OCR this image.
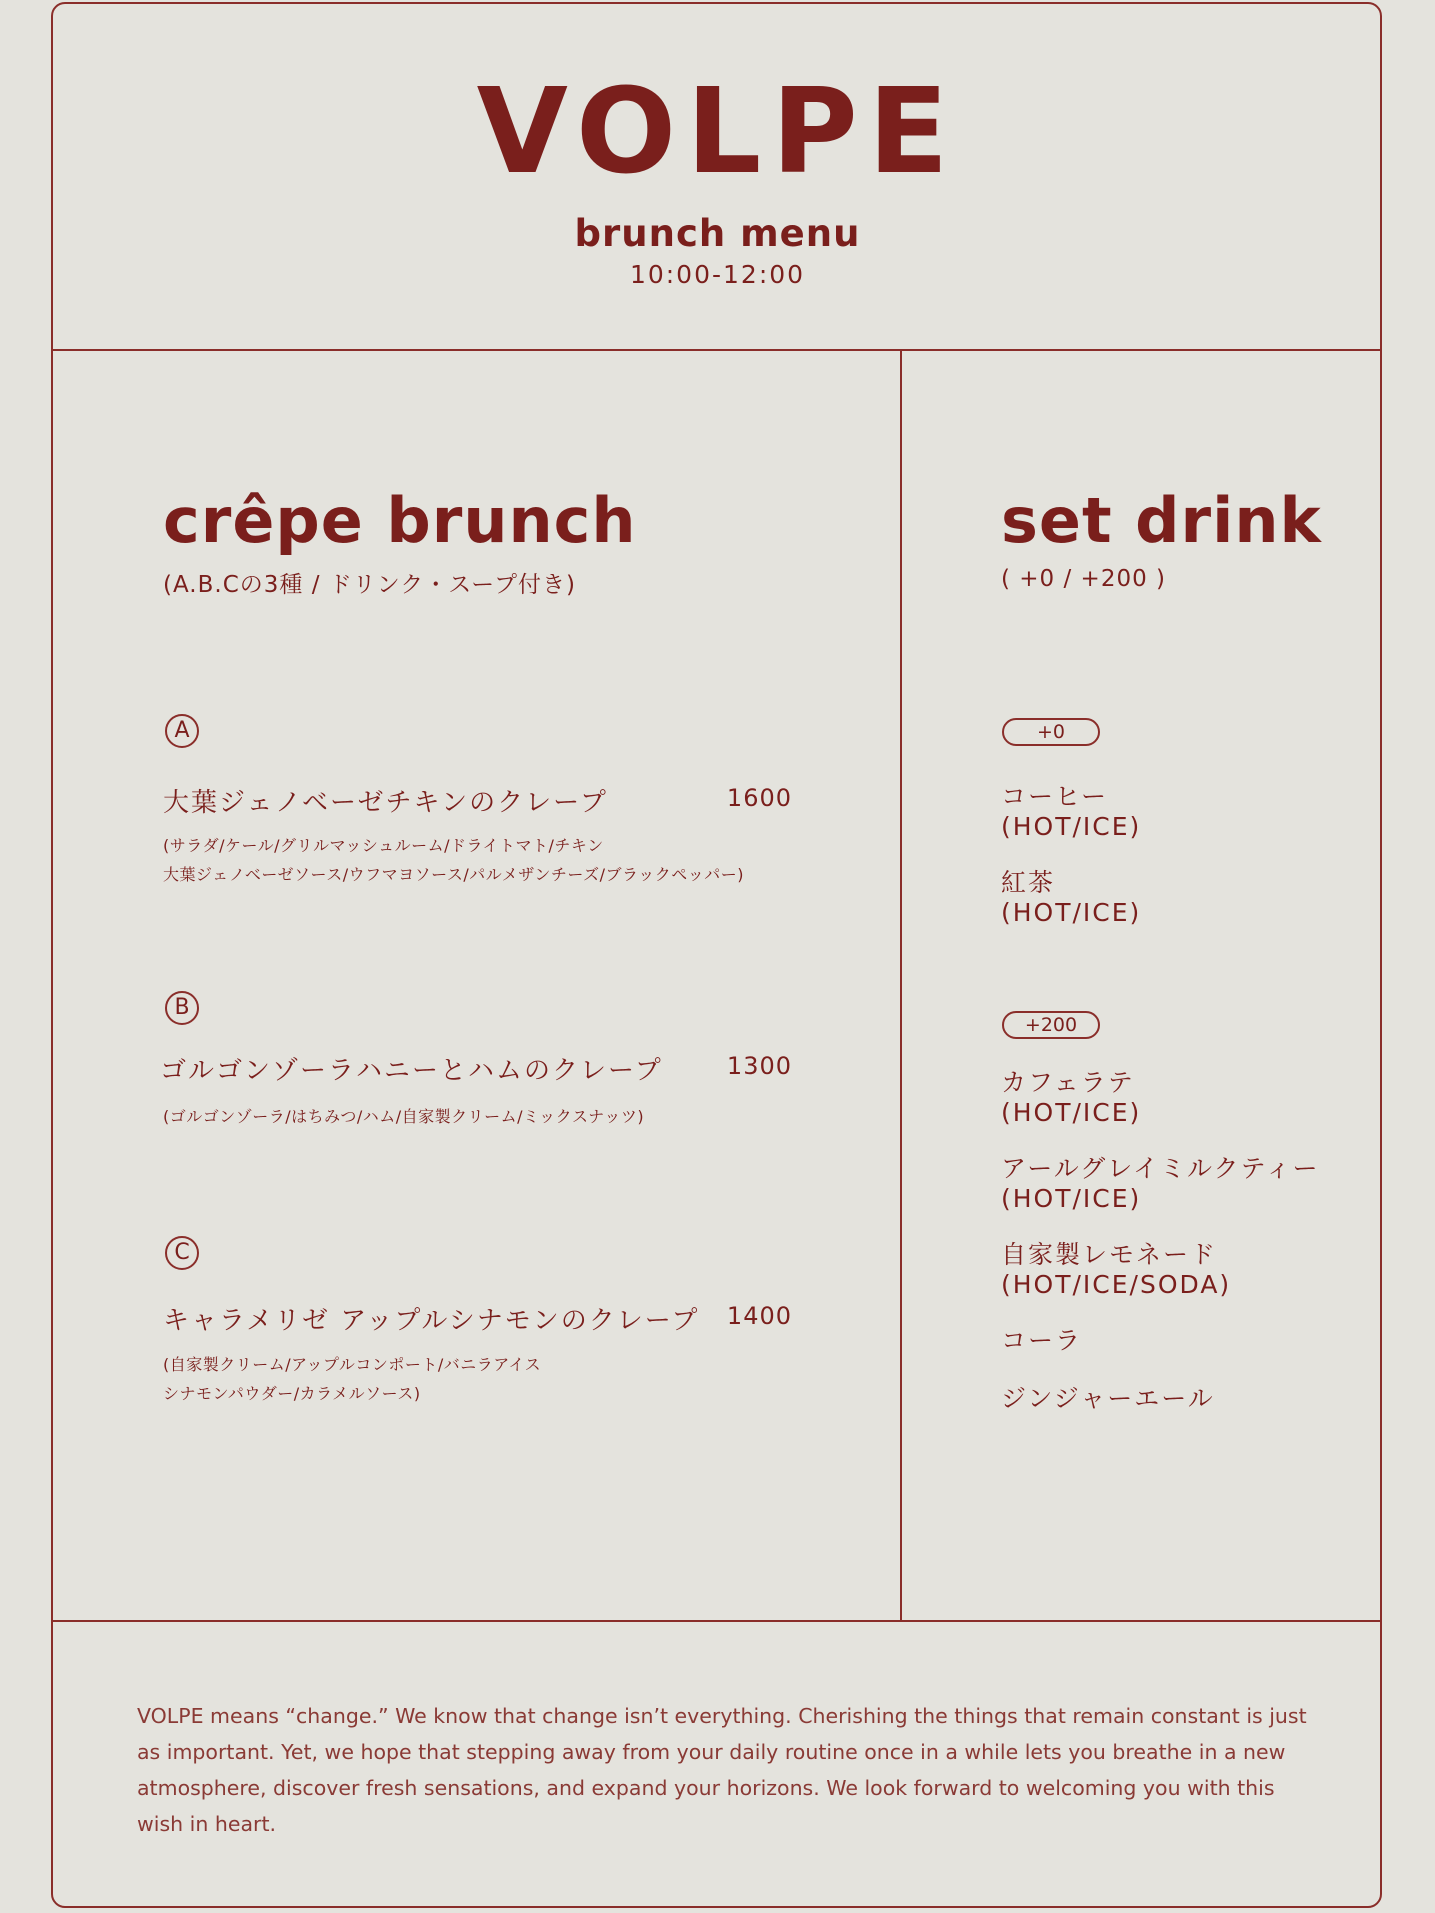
VOLPE
brunch menu
10:00-12:00
crêpe brunch
(A.B.Cの3種 / ドリンク・スープ付き)
A
大葉ジェノベーゼチキンのクレープ	1600
(サラダ/ケール/グリルマッシュルーム/ドライトマト/チキン
大葉ジェノベーゼソース/ウフマヨソース/パルメザンチーズ/ブラックペッパー)
B
ゴルゴンゾーラハニーとハムのクレープ	1300
(ゴルゴンゾーラ/はちみつ/ハム/自家製クリーム/ミックスナッツ)
C
キャラメリゼ アップルシナモンのクレープ	1400
(自家製クリーム/アップルコンポート/バニラアイス
シナモンパウダー/カラメルソース)
set drink
( +0 / +200 )
+0
コーヒー
(HOT/ICE)
紅茶
(HOT/ICE)
+200
カフェラテ
(HOT/ICE)
アールグレイミルクティー
(HOT/ICE)
自家製レモネード
(HOT/ICE/SODA)
コーラ
ジンジャーエール
VOLPE means “change.” We know that change isn’t everything. Cherishing the things that remain constant is just as important. Yet, we hope that stepping away from your daily routine once in a while lets you breathe in a new atmosphere, discover fresh sensations, and expand your horizons. We look forward to welcoming you with this wish in heart.
